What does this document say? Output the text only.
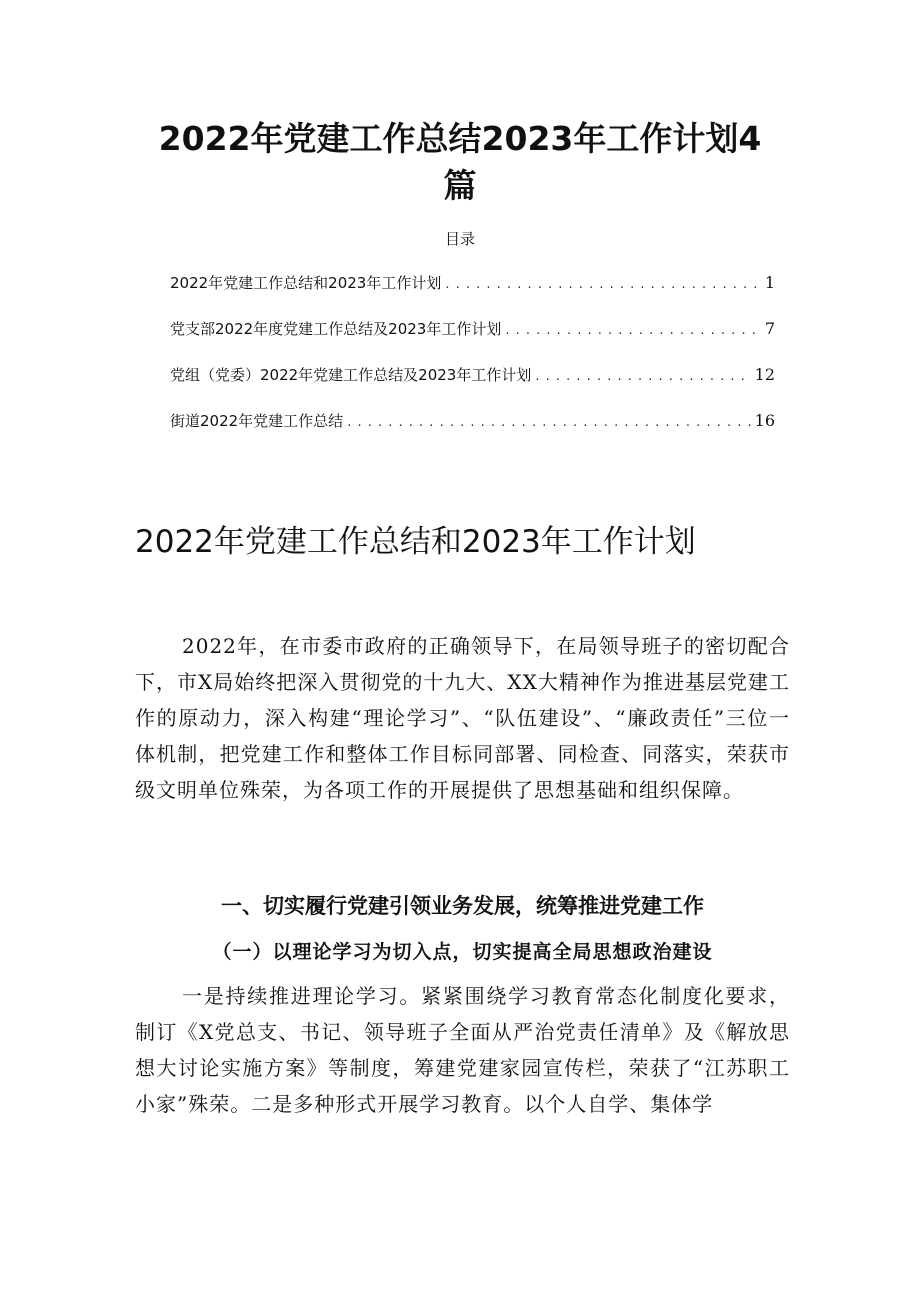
2022年党建工作总结2023年工作计划4
篇
目录
2022年党建工作总结和2023年工作计划 . . .	1
党支部2022年度党建工作总结及2023年工作计划 . . .	7
党组（党委）2022年党建工作总结及2023年工作计划 . . .	12
街道2022年党建工作总结 . . .	16
2022年党建工作总结和2023年工作计划

2022年，在市委市政府的正确领导下，在局领导班子的密切配合下，市X局始终把深入贯彻党的十九大、XX大精神作为推进基层党建工作的原动力，深入构建“理论学习”、“队伍建设”、“廉政责任”三位一体机制，把党建工作和整体工作目标同部署、同检查、同落实，荣获市级文明单位殊荣，为各项工作的开展提供了思想基础和组织保障。

一、切实履行党建引领业务发展，统筹推进党建工作
（一）以理论学习为切入点，切实提高全局思想政治建设

一是持续推进理论学习。紧紧围绕学习教育常态化制度化要求，制订《X党总支、书记、领导班子全面从严治党责任清单》及《解放思想大讨论实施方案》等制度，筹建党建家园宣传栏，荣获了“江苏职工小家”殊荣。二是多种形式开展学习教育。以个人自学、集体学
